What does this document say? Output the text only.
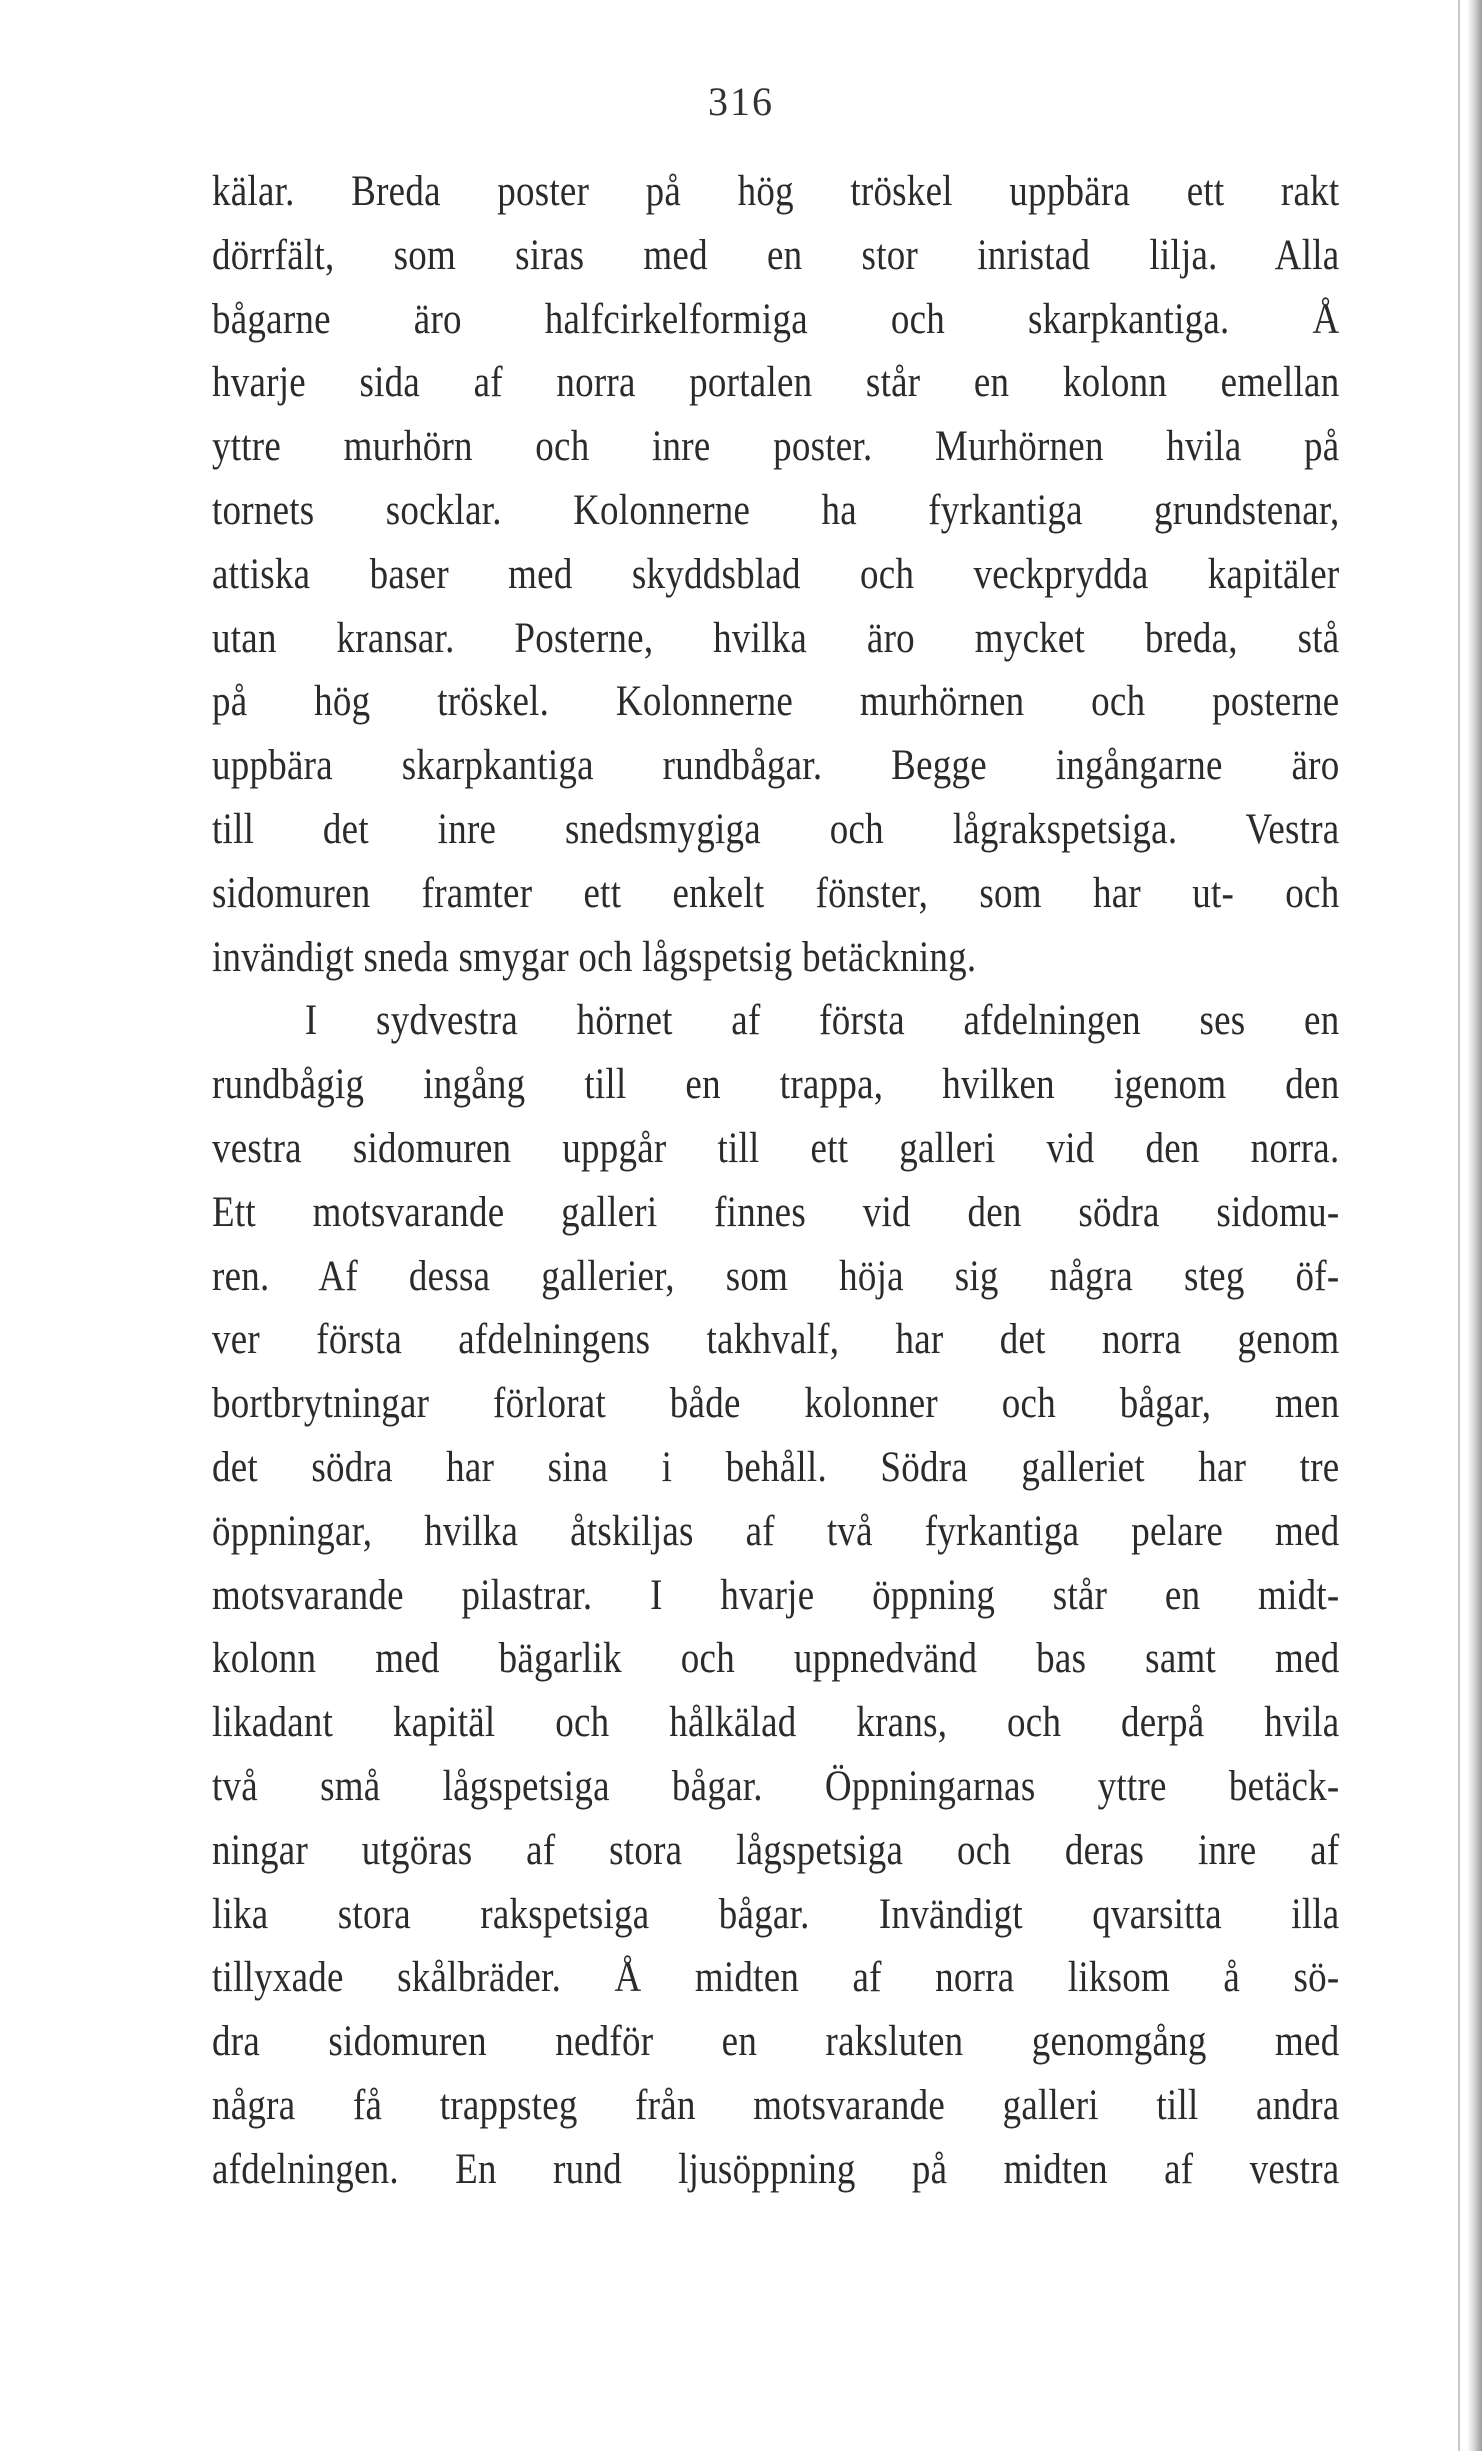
316
kälar. Breda poster på hög tröskel uppbära ett rakt
dörrfält, som siras med en stor inristad lilja. Alla
bågarne äro halfcirkelformiga och skarpkantiga. Å
hvarje sida af norra portalen står en kolonn emellan
yttre murhörn och inre poster. Murhörnen hvila på
tornets socklar. Kolonnerne ha fyrkantiga grundstenar,
attiska baser med skyddsblad och veckprydda kapitäler
utan kransar. Posterne, hvilka äro mycket breda, stå
på hög tröskel. Kolonnerne murhörnen och posterne
uppbära skarpkantiga rundbågar. Begge ingångarne äro
till det inre snedsmygiga och lågrakspetsiga. Vestra
sidomuren framter ett enkelt fönster, som har ut- och
invändigt sneda smygar och lågspetsig betäckning.
I sydvestra hörnet af första afdelningen ses en
rundbågig ingång till en trappa, hvilken igenom den
vestra sidomuren uppgår till ett galleri vid den norra.
Ett motsvarande galleri finnes vid den södra sidomu-
ren. Af dessa gallerier, som höja sig några steg öf-
ver första afdelningens takhvalf, har det norra genom
bortbrytningar förlorat både kolonner och bågar, men
det södra har sina i behåll. Södra galleriet har tre
öppningar, hvilka åtskiljas af två fyrkantiga pelare med
motsvarande pilastrar. I hvarje öppning står en midt-
kolonn med bägarlik och uppnedvänd bas samt med
likadant kapitäl och hålkälad krans, och derpå hvila
två små lågspetsiga bågar. Öppningarnas yttre betäck-
ningar utgöras af stora lågspetsiga och deras inre af
lika stora rakspetsiga bågar. Invändigt qvarsitta illa
tillyxade skålbräder. Å midten af norra liksom å sö-
dra sidomuren nedför en raksluten genomgång med
några få trappsteg från motsvarande galleri till andra
afdelningen. En rund ljusöppning på midten af vestra
